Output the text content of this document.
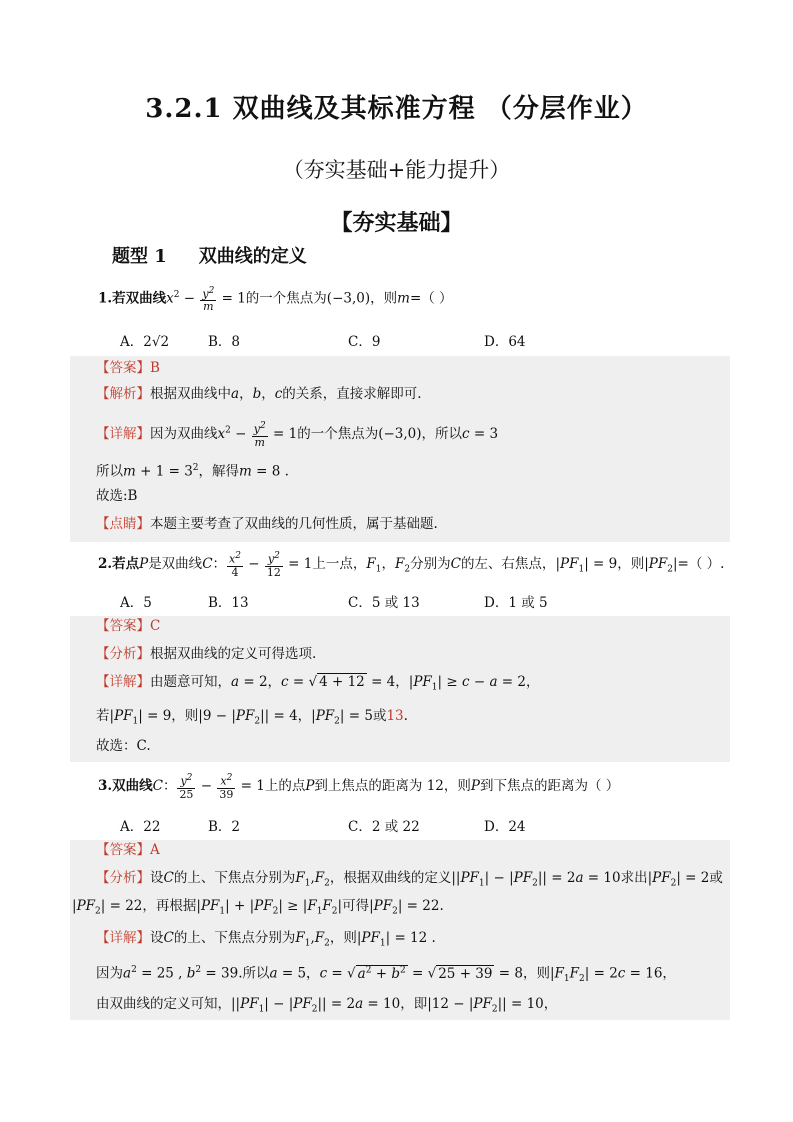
3.2.1 双曲线及其标准方程 （分层作业）
（夯实基础+能力提升）
【夯实基础】
题型 1 双曲线的定义
1.若双曲线$x^2 - \frac{y^2}{m} = 1$的一个焦点为(−3,0)，则m=（ ）
A．2√2	B．8	C．9	D．64
【答案】B
【解析】根据双曲线中a，b，c的关系，直接求解即可.
【详解】因为双曲线$x^2 - \frac{y^2}{m} = 1$的一个焦点为(−3,0)，所以c = 3
所以$m + 1 = 3^2$，解得m = 8 .
故选:B
【点睛】本题主要考查了双曲线的几何性质，属于基础题.
2.若点P是双曲线C： $\frac{x^2}{4} - \frac{y^2}{12} = 1$上一点，$F_1$，$F_2$分别为C的左、右焦点，$|PF_1| = 9$，则$|PF_2|=$（ ）.
A．5	B．13	C．5 或 13	D．1 或 5
【答案】C
【分析】根据双曲线的定义可得选项.
【详解】由题意可知，a = 2，c = √ 4 + 12 = 4，$|PF_1| \ge c - a = 2$，
若$|PF_1| = 9$，则$|9 - |PF_2|| = 4$，$|PF_2| = 5$或13.
故选：C.
3.双曲线C： $\frac{y^2}{25} - \frac{x^2}{39} = 1$上的点P到上焦点的距离为 12，则P到下焦点的距离为（ ）
A．22	B．2	C．2 或 22	D．24
【答案】A
【分析】设C的上、下焦点分别为$F_1,F_2$，根据双曲线的定义$||PF_1| - |PF_2|| = 2a = 10$求出$|PF_2| = 2$或
$|PF_2| = 22$，再根据$|PF_1| + |PF_2| \ge |F_1F_2|$可得$|PF_2| = 22$.
【详解】设C的上、下焦点分别为$F_1,F_2$，则$|PF_1| = 12$ .
因为$a^2 = 25$ , $b^2 = 39$.所以a = 5，c = √ $a^2 + b^2$ = √ 25 + 39 = 8，则$|F_1F_2| = 2c = 16$，
由双曲线的定义可知，$||PF_1| - |PF_2|| = 2a = 10$，即$|12 - |PF_2|| = 10$，
